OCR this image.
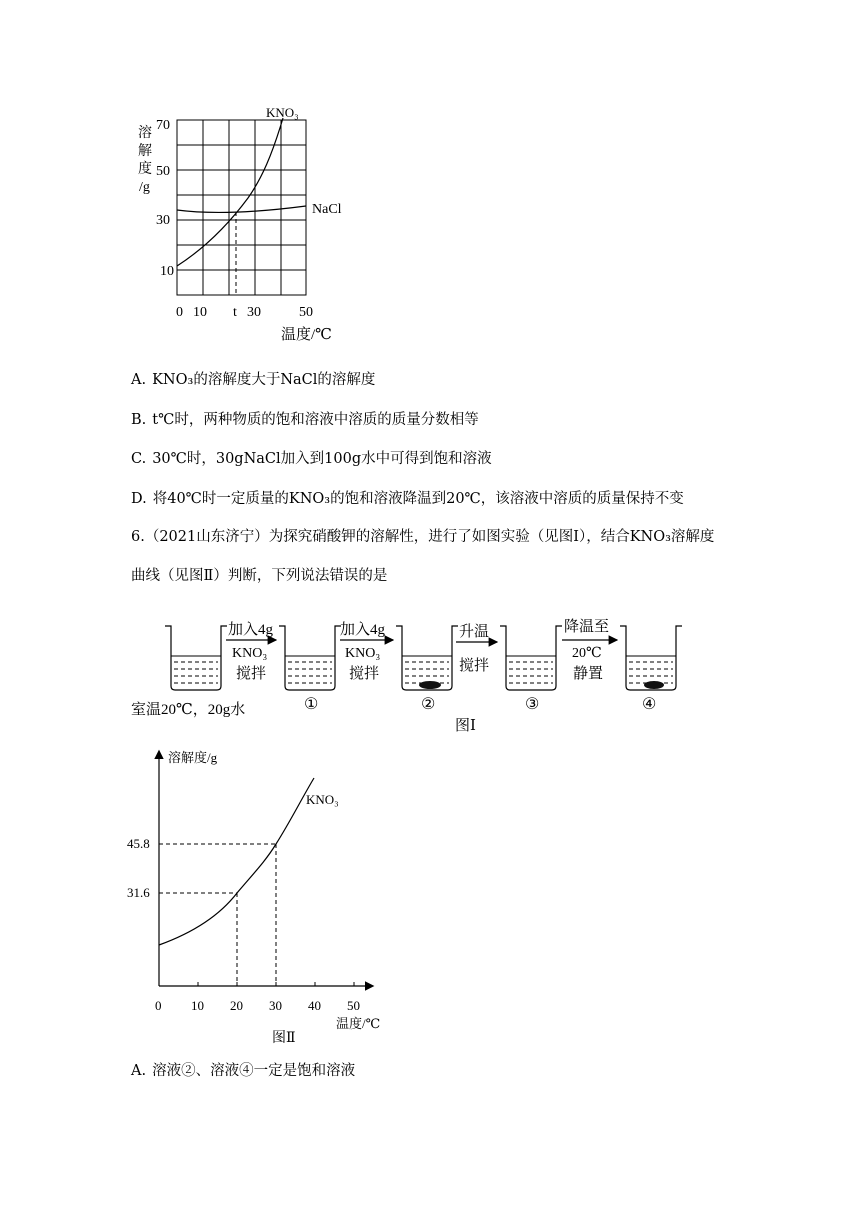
溶
解
度
/g
70
50
30
10
0 10 t 30	50
温度/℃
KNO₃
NaCl
A. KNO₃的溶解度大于NaCl的溶解度
B. t℃时，两种物质的饱和溶液中溶质的质量分数相等
C. 30℃时，30gNaCl加入到100g水中可得到饱和溶液
D. 将40℃时一定质量的KNO₃的饱和溶液降温到20℃，该溶液中溶质的质量保持不变
6.（2021山东济宁）为探究硝酸钾的溶解性，进行了如图实验（见图Ⅰ），结合KNO₃溶解度
曲线（见图Ⅱ）判断，下列说法错误的是
加入4g
KNO₃
搅拌
加入4g
KNO₃
搅拌
升温
搅拌
降温至
20℃
静置
室温20℃，20g水	①	②	③	④
图Ⅰ
溶解度/g
KNO₃
45.8
31.6
0 10 20 30 40 50
温度/℃
图Ⅱ
A. 溶液②、溶液④一定是饱和溶液
